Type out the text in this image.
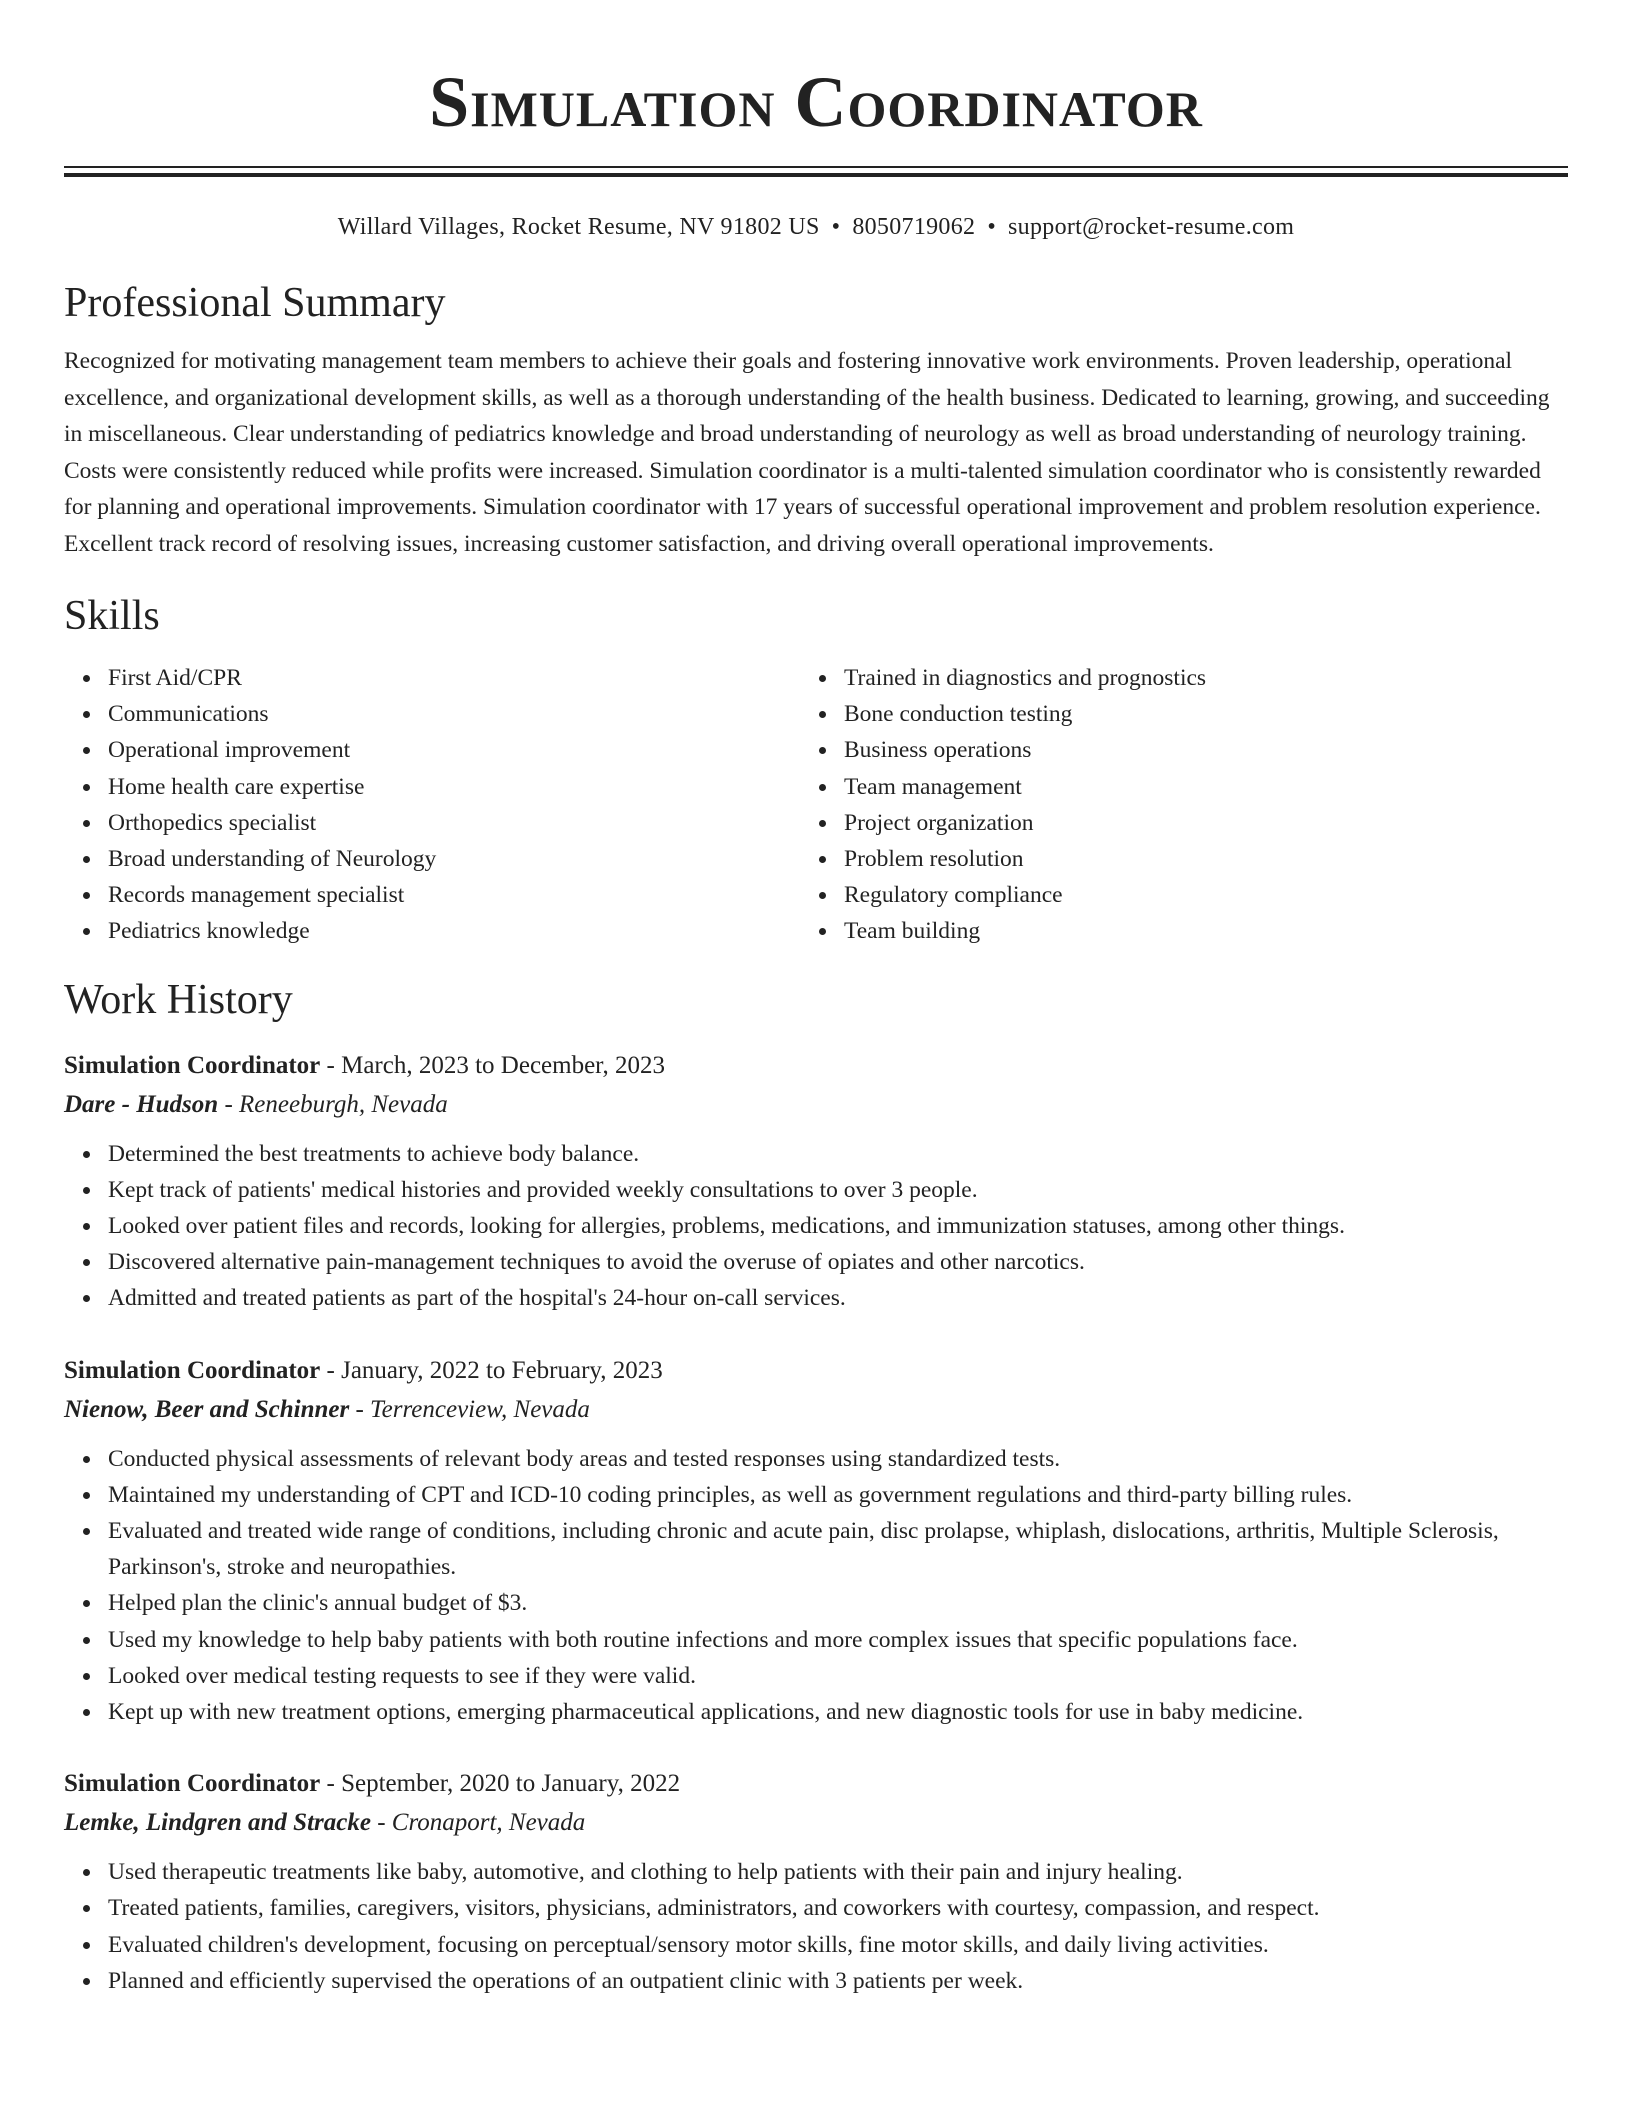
Simulation Coordinator
Willard Villages, Rocket Resume, NV 91802 US • 8050719062 • support@rocket-resume.com
Professional Summary

Recognized for motivating management team members to achieve their goals and fostering innovative work environments. Proven leadership, operational excellence, and organizational development skills, as well as a thorough understanding of the health business. Dedicated to learning, growing, and succeeding in miscellaneous. Clear understanding of pediatrics knowledge and broad understanding of neurology as well as broad understanding of neurology training. Costs were consistently reduced while profits were increased. Simulation coordinator is a multi-talented simulation coordinator who is consistently rewarded for planning and operational improvements. Simulation coordinator with 17 years of successful operational improvement and problem resolution experience. Excellent track record of resolving issues, increasing customer satisfaction, and driving overall operational improvements.

Skills
First Aid/CPR
Communications
Operational improvement
Home health care expertise
Orthopedics specialist
Broad understanding of Neurology
Records management specialist
Pediatrics knowledge
Trained in diagnostics and prognostics
Bone conduction testing
Business operations
Team management
Project organization
Problem resolution
Regulatory compliance
Team building
Work History
Simulation Coordinator - March, 2023 to December, 2023
Dare - Hudson - Reneeburgh, Nevada
Determined the best treatments to achieve body balance.
Kept track of patients' medical histories and provided weekly consultations to over 3 people.
Looked over patient files and records, looking for allergies, problems, medications, and immunization statuses, among other things.
Discovered alternative pain-management techniques to avoid the overuse of opiates and other narcotics.
Admitted and treated patients as part of the hospital's 24-hour on-call services.
Simulation Coordinator - January, 2022 to February, 2023
Nienow, Beer and Schinner - Terrenceview, Nevada
Conducted physical assessments of relevant body areas and tested responses using standardized tests.
Maintained my understanding of CPT and ICD-10 coding principles, as well as government regulations and third-party billing rules.
Evaluated and treated wide range of conditions, including chronic and acute pain, disc prolapse, whiplash, dislocations, arthritis, Multiple Sclerosis, Parkinson's, stroke and neuropathies.
Helped plan the clinic's annual budget of $3.
Used my knowledge to help baby patients with both routine infections and more complex issues that specific populations face.
Looked over medical testing requests to see if they were valid.
Kept up with new treatment options, emerging pharmaceutical applications, and new diagnostic tools for use in baby medicine.
Simulation Coordinator - September, 2020 to January, 2022
Lemke, Lindgren and Stracke - Cronaport, Nevada
Used therapeutic treatments like baby, automotive, and clothing to help patients with their pain and injury healing.
Treated patients, families, caregivers, visitors, physicians, administrators, and coworkers with courtesy, compassion, and respect.
Evaluated children's development, focusing on perceptual/sensory motor skills, fine motor skills, and daily living activities.
Planned and efficiently supervised the operations of an outpatient clinic with 3 patients per week.
